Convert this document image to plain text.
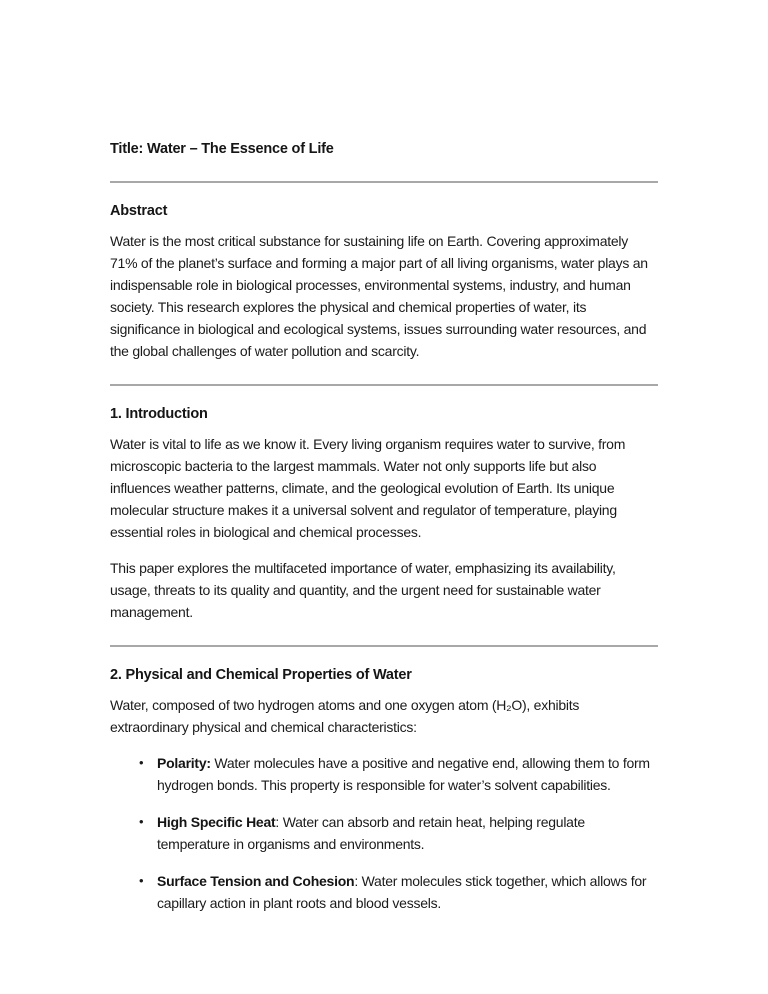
Title: Water – The Essence of Life
Abstract

Water is the most critical substance for sustaining life on Earth. Covering approximately 71% of the planet’s surface and forming a major part of all living organisms, water plays an indispensable role in biological processes, environmental systems, industry, and human society. This research explores the physical and chemical properties of water, its significance in biological and ecological systems, issues surrounding water resources, and the global challenges of water pollution and scarcity.

1. Introduction

Water is vital to life as we know it. Every living organism requires water to survive, from microscopic bacteria to the largest mammals. Water not only supports life but also influences weather patterns, climate, and the geological evolution of Earth. Its unique molecular structure makes it a universal solvent and regulator of temperature, playing essential roles in biological and chemical processes.

This paper explores the multifaceted importance of water, emphasizing its availability, usage, threats to its quality and quantity, and the urgent need for sustainable water management.

2. Physical and Chemical Properties of Water

Water, composed of two hydrogen atoms and one oxygen atom (H₂O), exhibits extraordinary physical and chemical characteristics:

• Polarity: Water molecules have a positive and negative end, allowing them to form hydrogen bonds. This property is responsible for water’s solvent capabilities.
• High Specific Heat: Water can absorb and retain heat, helping regulate temperature in organisms and environments.
• Surface Tension and Cohesion: Water molecules stick together, which allows for capillary action in plant roots and blood vessels.
